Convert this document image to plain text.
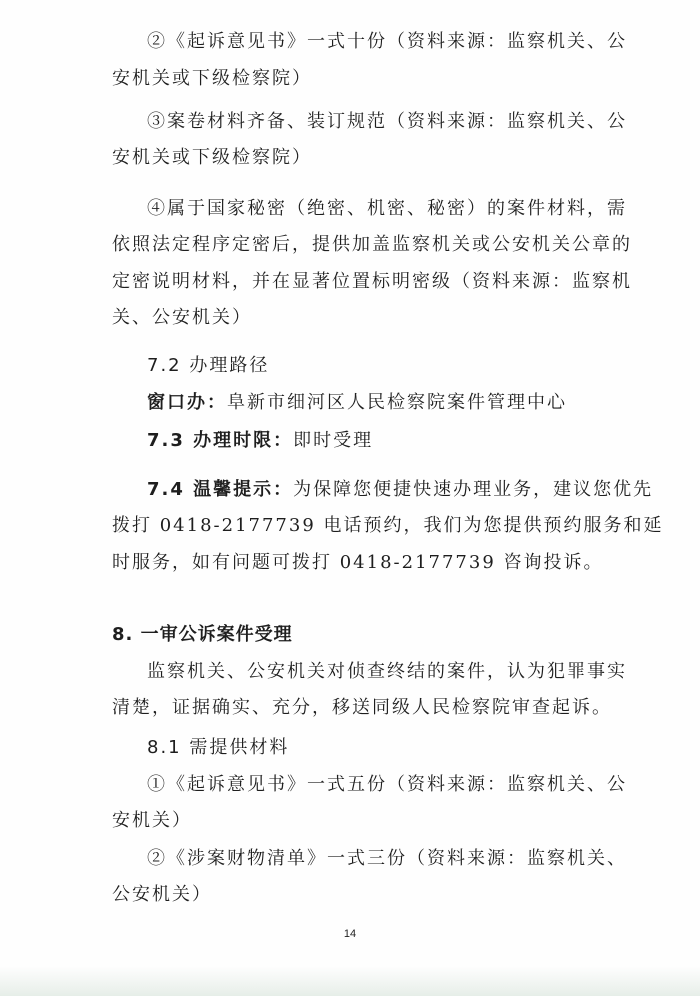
②《起诉意见书》一式十份（资料来源：监察机关、公
安机关或下级检察院）
③案卷材料齐备、装订规范（资料来源：监察机关、公
安机关或下级检察院）
④属于国家秘密（绝密、机密、秘密）的案件材料，需
依照法定程序定密后，提供加盖监察机关或公安机关公章的
定密说明材料，并在显著位置标明密级（资料来源：监察机
关、公安机关）
7.2 办理路径
窗口办：阜新市细河区人民检察院案件管理中心
7.3 办理时限：即时受理
7.4 温馨提示：为保障您便捷快速办理业务，建议您优先
拨打 0418-2177739 电话预约，我们为您提供预约服务和延
时服务，如有问题可拨打 0418-2177739 咨询投诉。
8. 一审公诉案件受理
监察机关、公安机关对侦查终结的案件，认为犯罪事实
清楚，证据确实、充分，移送同级人民检察院审查起诉。
8.1 需提供材料
①《起诉意见书》一式五份（资料来源：监察机关、公
安机关）
②《涉案财物清单》一式三份（资料来源：监察机关、
公安机关）
14
